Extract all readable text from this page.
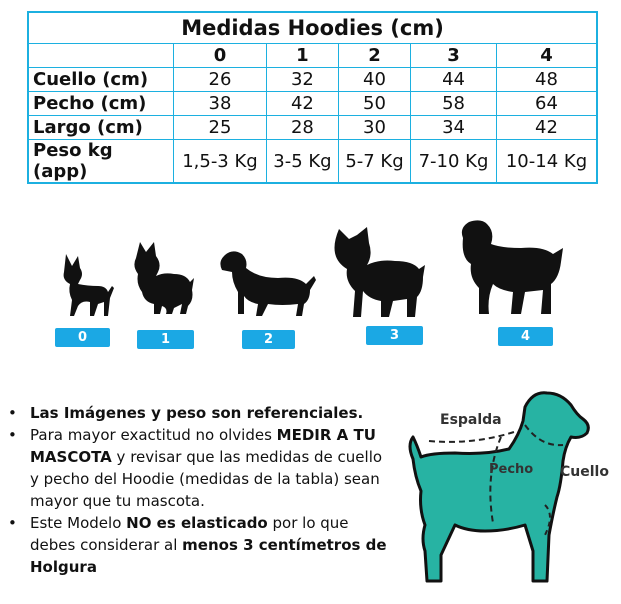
Medidas Hoodies (cm)					
	0	1	2	3	4
Cuello (cm)	26	32	40	44	48
Pecho (cm)	38	42	50	58	64
Largo (cm)	25	28	30	34	42
Peso kg (app)	1,5-3 Kg	3-5 Kg	5-7 Kg	7-10 Kg	10-14 Kg
0	1	2	3	4
• Las Imágenes y peso son referenciales.
• Para mayor exactitud no olvides MEDIR A TU MASCOTA y revisar que las medidas de cuello y pecho del Hoodie (medidas de la tabla) sean mayor que tu mascota.
• Este Modelo NO es elasticado por lo que debes considerar al menos 3 centímetros de Holgura
Espalda
Pecho Cuello
